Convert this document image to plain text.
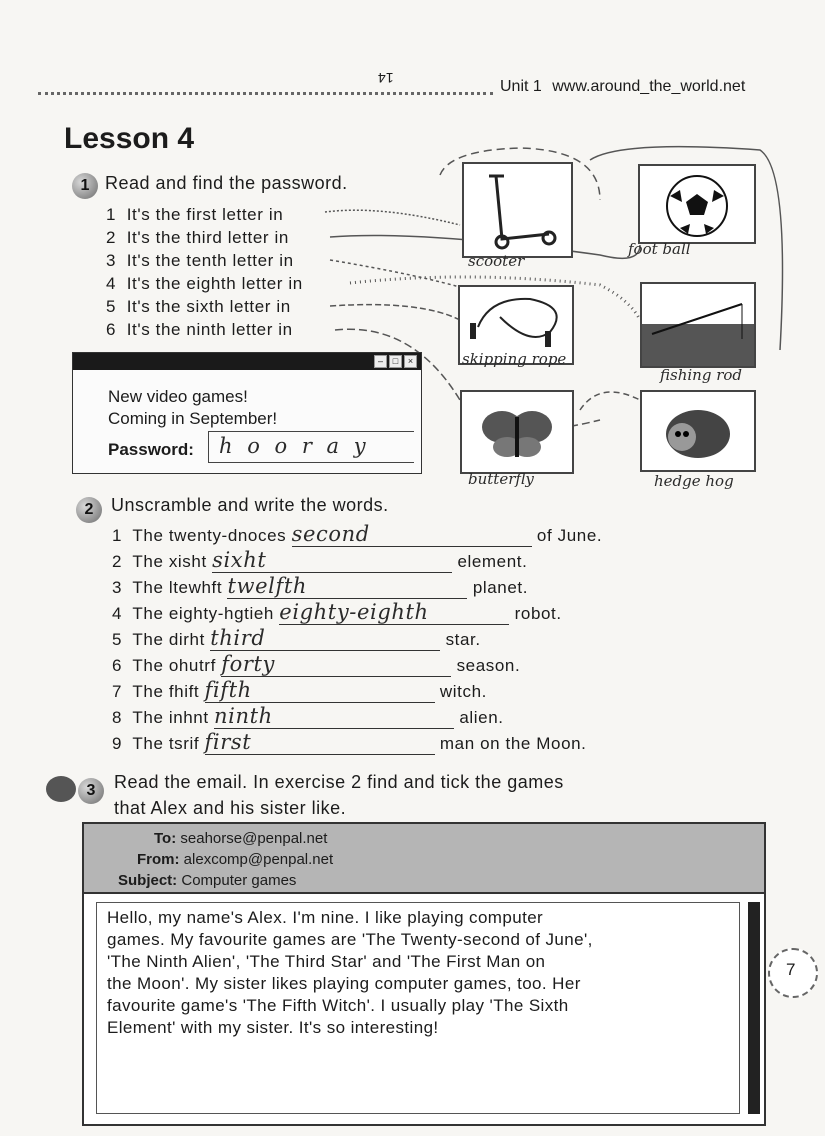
14	Unit 1 www.around_the_world.net
Lesson 4
1 Read and find the password.
1 It's the first letter in
2 It's the third letter in
3 It's the tenth letter in
4 It's the eighth letter in
5 It's the sixth letter in
6 It's the ninth letter in
–	□	×
New video games!
Coming in September!
Password: h o o r a y
scooter
foot ball
skipping rope
fishing rod
butterfly	hedge hog
2 Unscramble and write the words.
1 The twenty-dnoces second	of June.
2 The xisht sixht	element.
3 The ltewhft twelfth	planet.
4 The eighty-hgtieh eighty-eighth	robot.
5 The dirht third	star.
6 The ohutrf forty	season.
7 The fhift fifth	witch.
8 The inhnt ninth	alien.
9 The tsrif first	man on the Moon.
3	Read the email. In exercise 2 find and tick the games
that Alex and his sister like.
To: seahorse@penpal.net
From: alexcomp@penpal.net
Subject: Computer games
Hello, my name's Alex. I'm nine. I like playing computer
games. My favourite games are 'The Twenty-second of June',
'The Ninth Alien', 'The Third Star' and 'The First Man on
the Moon'. My sister likes playing computer games, too. Her
favourite game's 'The Fifth Witch'. I usually play 'The Sixth
Element' with my sister. It's so interesting!
7
